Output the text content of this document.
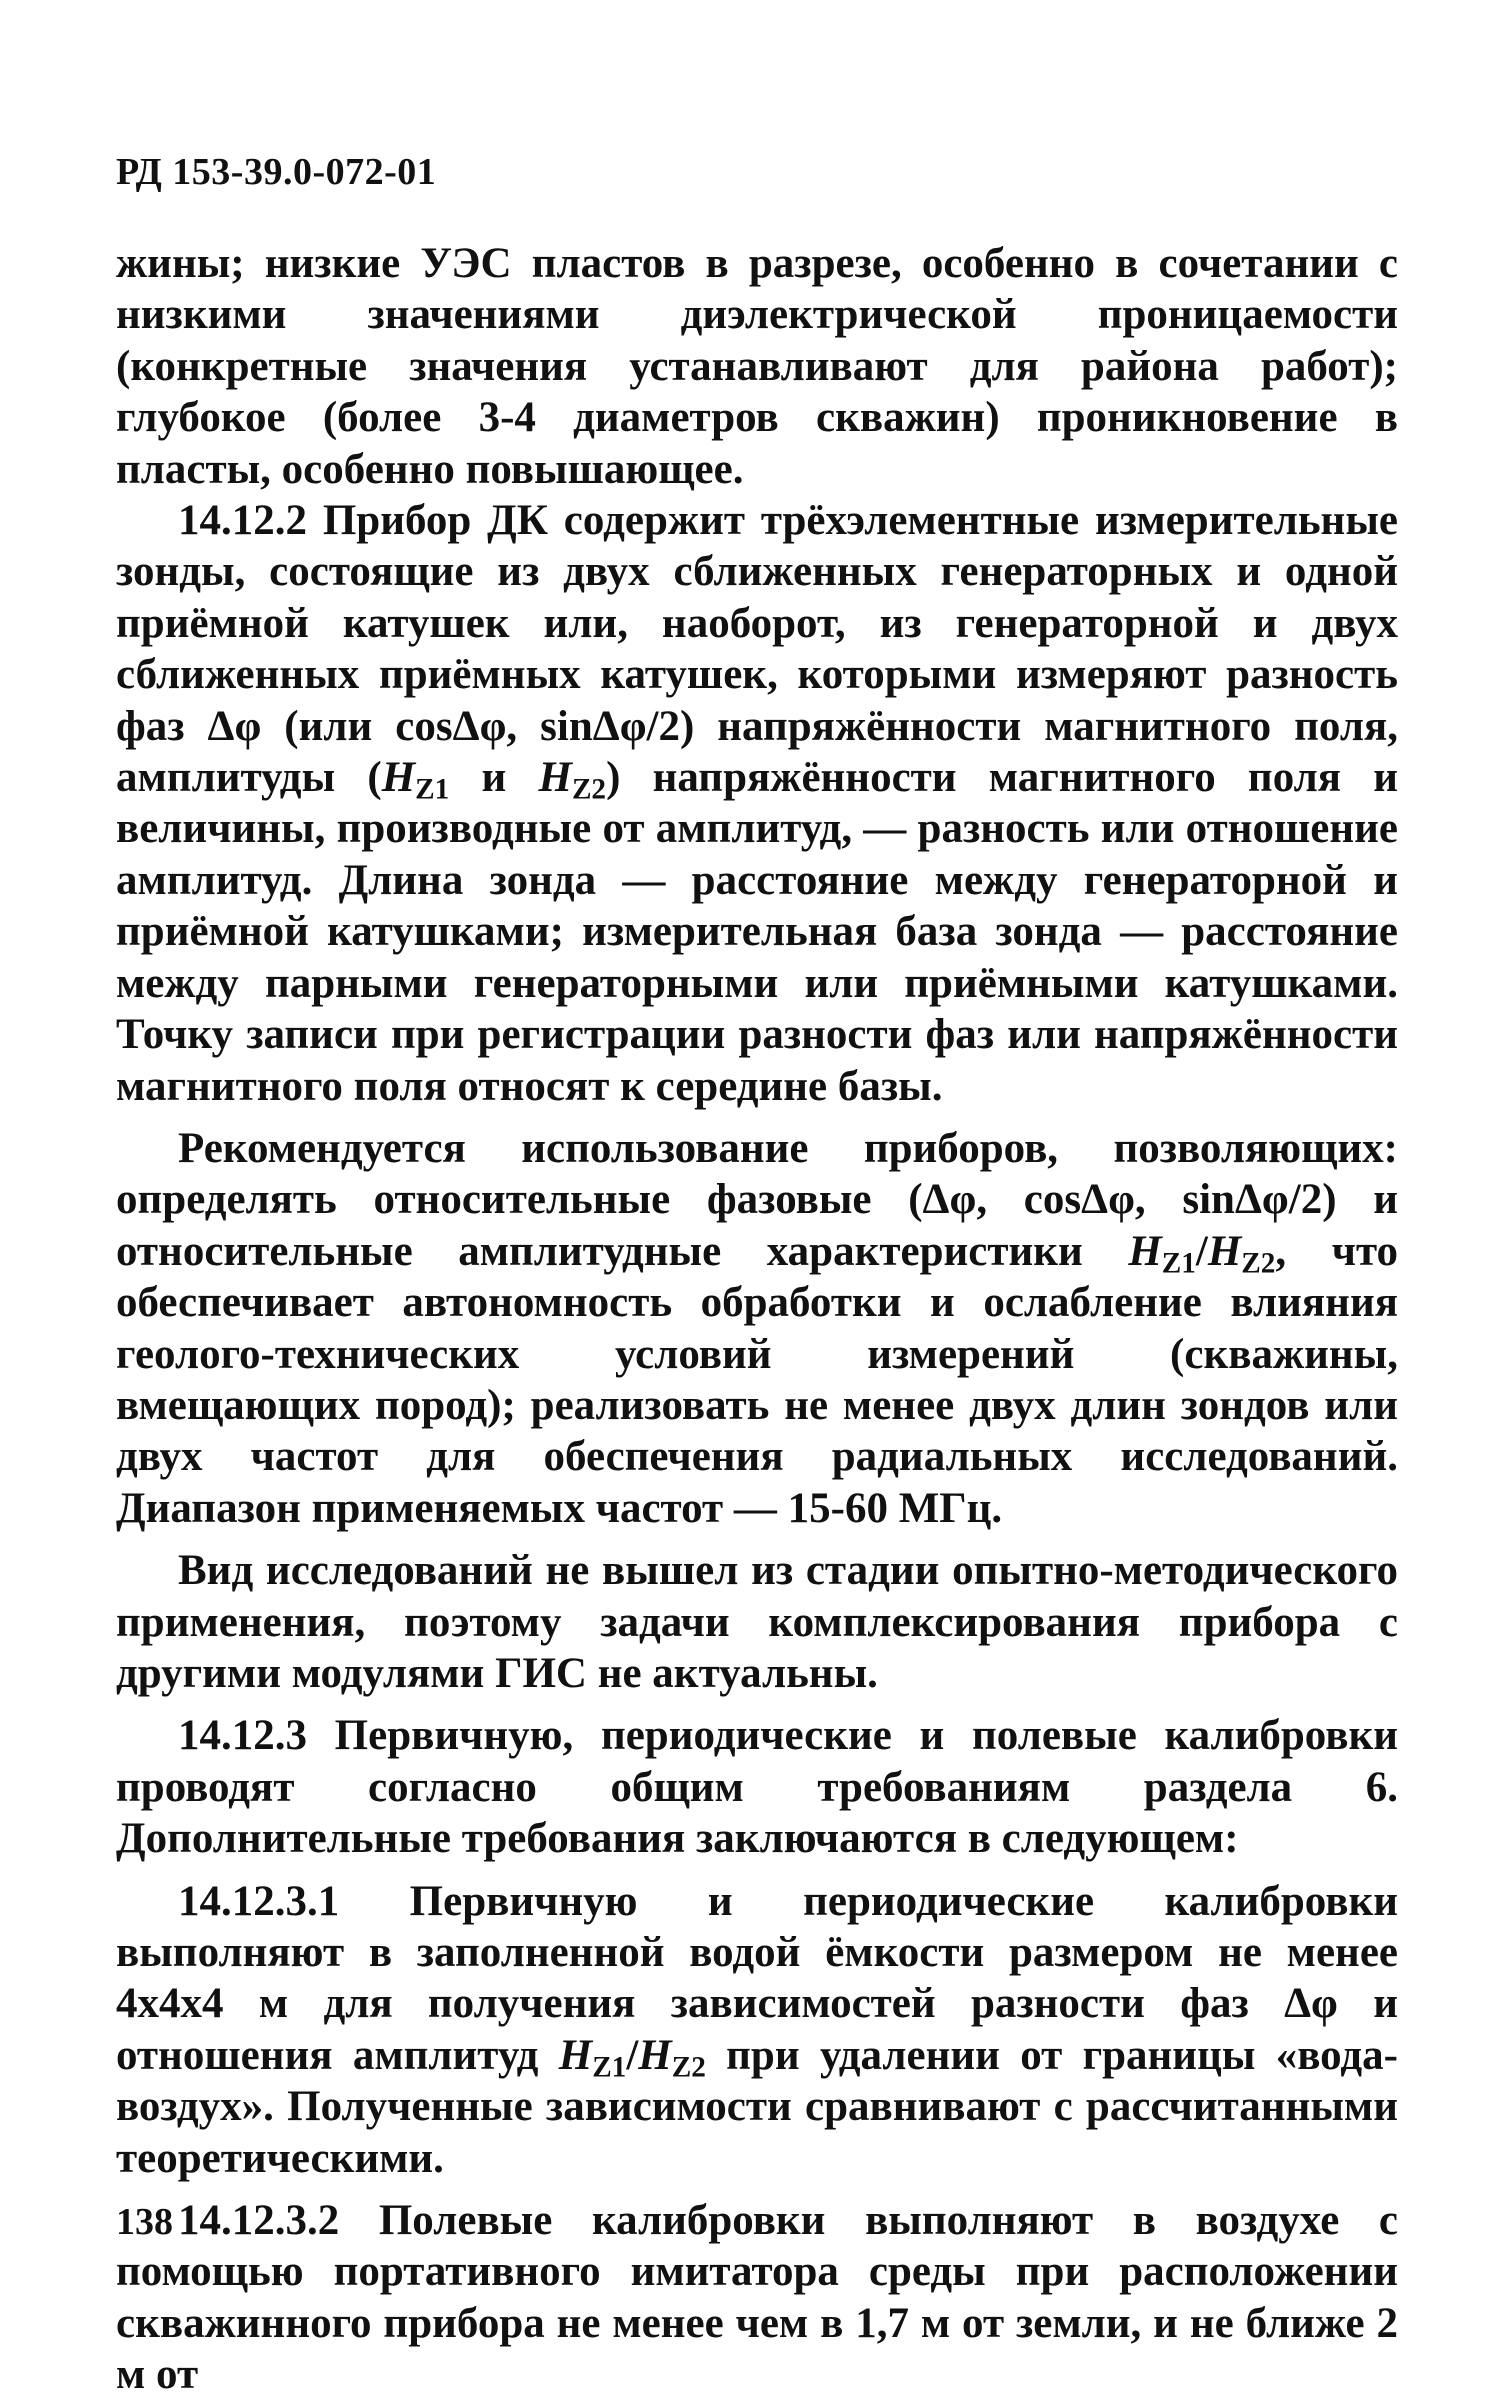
РД 153-39.0-072-01

жины; низкие УЭС пластов в разрезе, особенно в сочетании с низкими значениями диэлектрической проницаемости (конкретные значения устанавливают для района работ); глубокое (более 3-4 диаметров скважин) проникновение в пласты, особенно повышающее.

14.12.2 Прибор ДК содержит трёхэлементные измерительные зонды, состоящие из двух сближенных генераторных и одной приёмной катушек или, наоборот, из генераторной и двух сближенных приёмных катушек, которыми измеряют разность фаз Δφ (или cosΔφ, sinΔφ/2) напряжённости магнитного поля, амплитуды ($H_{Z1}$ и $H_{Z2}$) напряжённости магнитного поля и величины, производные от амплитуд, — разность или отношение амплитуд. Длина зонда — расстояние между генераторной и приёмной катушками; измерительная база зонда — расстояние между парными генераторными или приёмными катушками. Точку записи при регистрации разности фаз или напряжённости магнитного поля относят к середине базы.

Рекомендуется использование приборов, позволяющих: определять относительные фазовые (Δφ, cosΔφ, sinΔφ/2) и относительные амплитудные характеристики $H_{Z1}/H_{Z2}$, что обеспечивает автономность обработки и ослабление влияния геолого-технических условий измерений (скважины, вмещающих пород); реализовать не менее двух длин зондов или двух частот для обеспечения радиальных исследований. Диапазон применяемых частот — 15-60 МГц.

Вид исследований не вышел из стадии опытно-методического применения, поэтому задачи комплексирования прибора с другими модулями ГИС не актуальны.

14.12.3 Первичную, периодические и полевые калибровки проводят согласно общим требованиям раздела 6. Дополнительные требования заключаются в следующем:

14.12.3.1 Первичную и периодические калибровки выполняют в заполненной водой ёмкости размером не менее 4x4x4 м для получения зависимостей разности фаз Δφ и отношения амплитуд $H_{Z1}/H_{Z2}$ при удалении от границы «вода-воздух». Полученные зависимости сравнивают с рассчитанными теоретическими.

14.12.3.2 Полевые калибровки выполняют в воздухе с помощью портативного имитатора среды при расположении скважинного прибора не менее чем в 1,7 м от земли, и не ближе 2 м от

138
